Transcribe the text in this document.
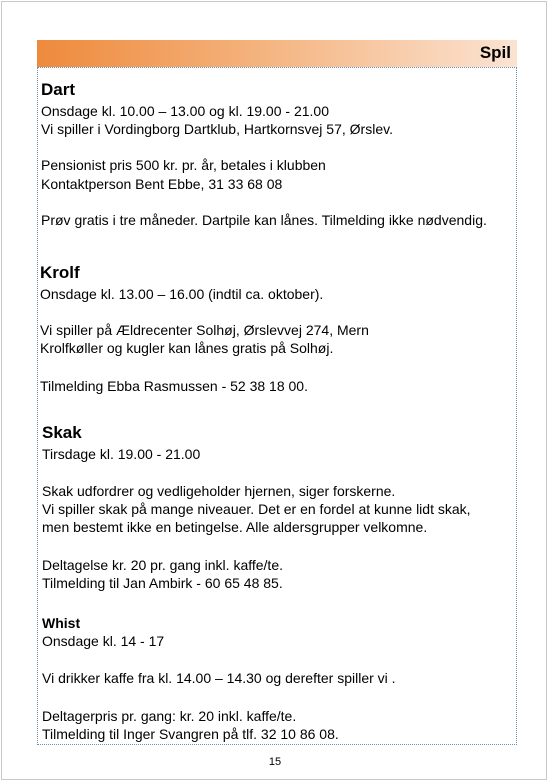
Spil
Dart
Onsdage kl. 10.00 – 13.00 og kl. 19.00 - 21.00
Vi spiller i Vordingborg Dartklub, Hartkornsvej 57, Ørslev.
Pensionist pris 500 kr. pr. år, betales i klubben
Kontaktperson Bent Ebbe, 31 33 68 08
Prøv gratis i tre måneder. Dartpile kan lånes. Tilmelding ikke nødvendig.
Krolf
Onsdage kl. 13.00 – 16.00 (indtil ca. oktober).
Vi spiller på Ældrecenter Solhøj, Ørslevvej 274, Mern
Krolfkøller og kugler kan lånes gratis på Solhøj.
Tilmelding Ebba Rasmussen - 52 38 18 00.
Skak
Tirsdage kl. 19.00 - 21.00
Skak udfordrer og vedligeholder hjernen, siger forskerne.
Vi spiller skak på mange niveauer. Det er en fordel at kunne lidt skak,
men bestemt ikke en betingelse. Alle aldersgrupper velkomne.
Deltagelse kr. 20 pr. gang inkl. kaffe/te.
Tilmelding til Jan Ambirk - 60 65 48 85.
Whist
Onsdage kl. 14 - 17
Vi drikker kaffe fra kl. 14.00 – 14.30 og derefter spiller vi .
Deltagerpris pr. gang: kr. 20 inkl. kaffe/te.
Tilmelding til Inger Svangren på tlf. 32 10 86 08.
15
